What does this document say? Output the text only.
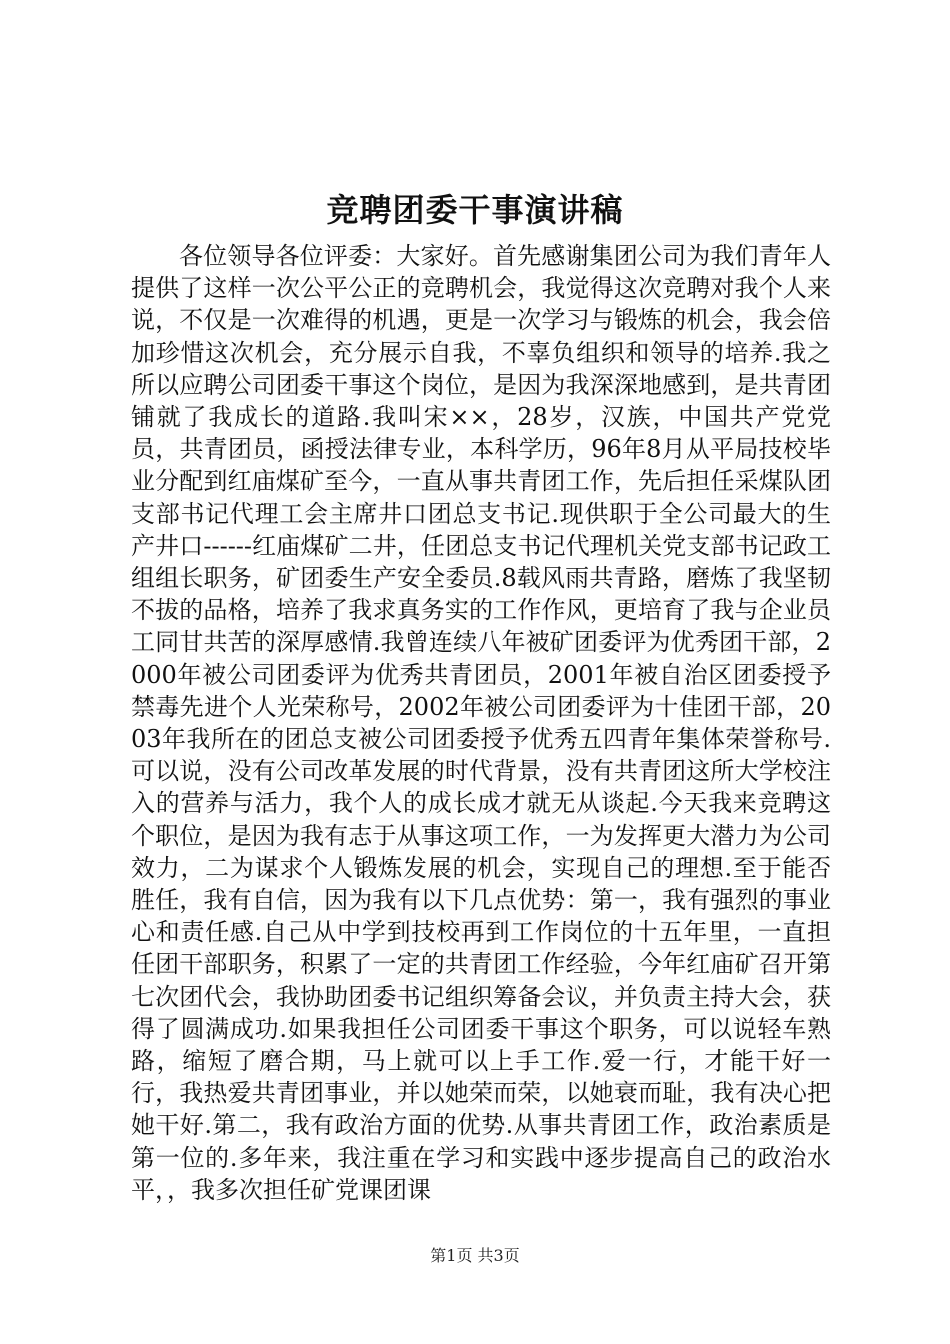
竞聘团委干事演讲稿

各位领导各位评委：大家好。首先感谢集团公司为我们青年人提供了这样一次公平公正的竞聘机会，我觉得这次竞聘对我个人来说，不仅是一次难得的机遇，更是一次学习与锻炼的机会，我会倍加珍惜这次机会，充分展示自我，不辜负组织和领导的培养.我之所以应聘公司团委干事这个岗位，是因为我深深地感到，是共青团铺就了我成长的道路.我叫宋××，28岁，汉族，中国共产党党员，共青团员，函授法律专业，本科学历，96年8月从平局技校毕业分配到红庙煤矿至今，一直从事共青团工作，先后担任采煤队团支部书记代理工会主席井口团总支书记.现供职于全公司最大的生产井口------红庙煤矿二井，任团总支书记代理机关党支部书记政工组组长职务，矿团委生产安全委员.8载风雨共青路，磨炼了我坚韧不拔的品格，培养了我求真务实的工作作风，更培育了我与企业员工同甘共苦的深厚感情.我曾连续八年被矿团委评为优秀团干部，2000年被公司团委评为优秀共青团员，2001年被自治区团委授予禁毒先进个人光荣称号，2002年被公司团委评为十佳团干部，2003年我所在的团总支被公司团委授予优秀五四青年集体荣誉称号.可以说，没有公司改革发展的时代背景，没有共青团这所大学校注入的营养与活力，我个人的成长成才就无从谈起.今天我来竞聘这个职位，是因为我有志于从事这项工作，一为发挥更大潜力为公司效力，二为谋求个人锻炼发展的机会，实现自己的理想.至于能否胜任，我有自信，因为我有以下几点优势：第一，我有强烈的事业心和责任感.自己从中学到技校再到工作岗位的十五年里，一直担任团干部职务，积累了一定的共青团工作经验，今年红庙矿召开第七次团代会，我协助团委书记组织筹备会议，并负责主持大会，获得了圆满成功.如果我担任公司团委干事这个职务，可以说轻车熟路，缩短了磨合期，马上就可以上手工作.爱一行，才能干好一行，我热爱共青团事业，并以她荣而荣，以她衰而耻，我有决心把她干好.第二，我有政治方面的优势.从事共青团工作，政治素质是第一位的.多年来，我注重在学习和实践中逐步提高自己的政治水平，，我多次担任矿党课团课

第1页 共3页
